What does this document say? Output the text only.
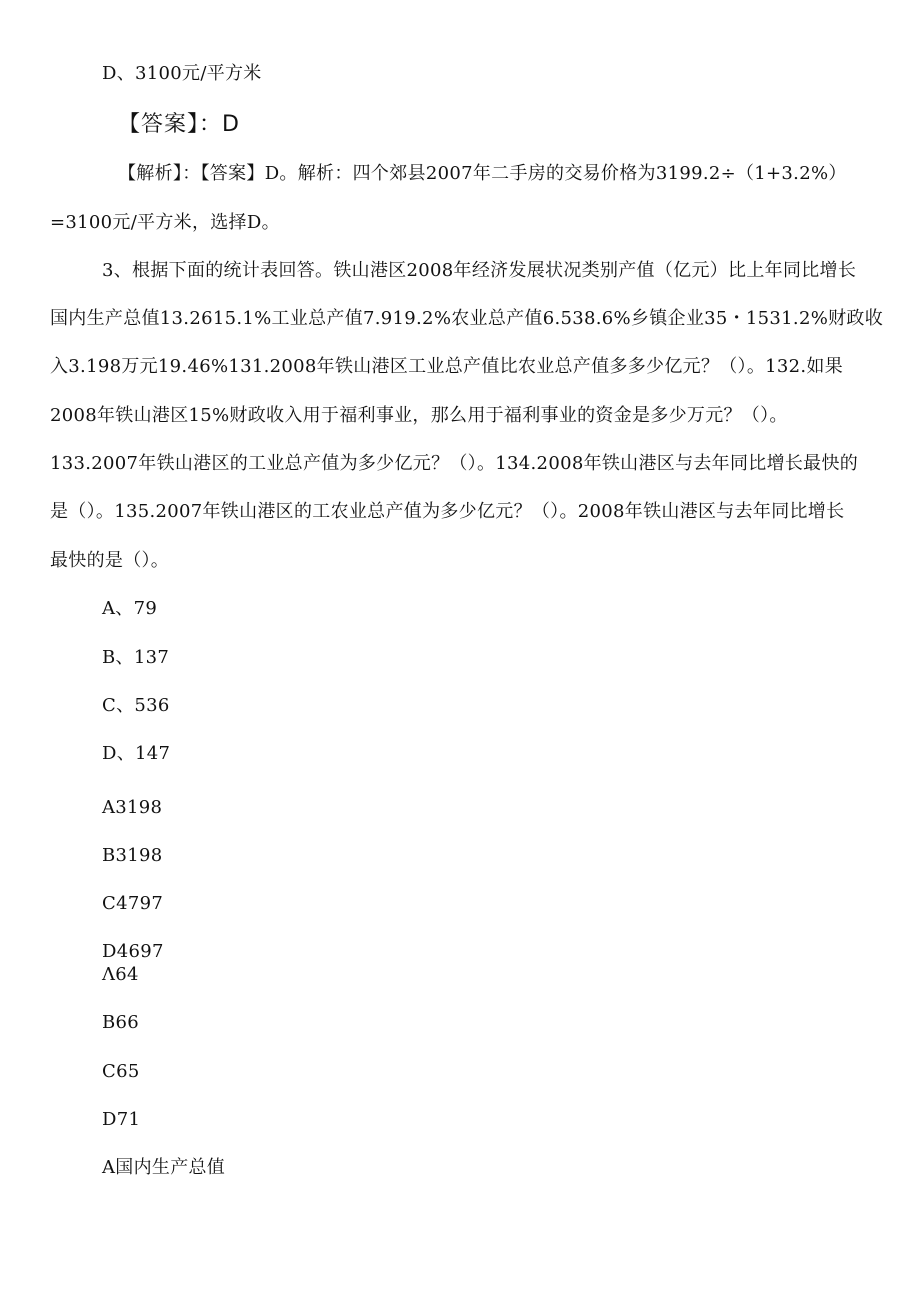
D、3100元/平方米
【答案】：D
【解析】：【答案】D。解析：四个郊县2007年二手房的交易价格为3199.2÷（1+3.2%）
=3100元/平方米，选择D。
3、根据下面的统计表回答。铁山港区2008年经济发展状况类别产值（亿元）比上年同比增长
国内生产总值13.2615.1%工业总产值7.919.2%农业总产值6.538.6%乡镇企业35・1531.2%财政收
入3.198万元19.46%131.2008年铁山港区工业总产值比农业总产值多多少亿元？（）。132.如果
2008年铁山港区15%财政收入用于福利事业，那么用于福利事业的资金是多少万元？（）。
133.2007年铁山港区的工业总产值为多少亿元？（）。134.2008年铁山港区与去年同比增长最快的
是（）。135.2007年铁山港区的工农业总产值为多少亿元？（）。2008年铁山港区与去年同比增长
最快的是（）。
A、79
B、137
C、536
D、147
A3198
B3198
C4797
D4697
Λ64
B66
C65
D71
A国内生产总值
